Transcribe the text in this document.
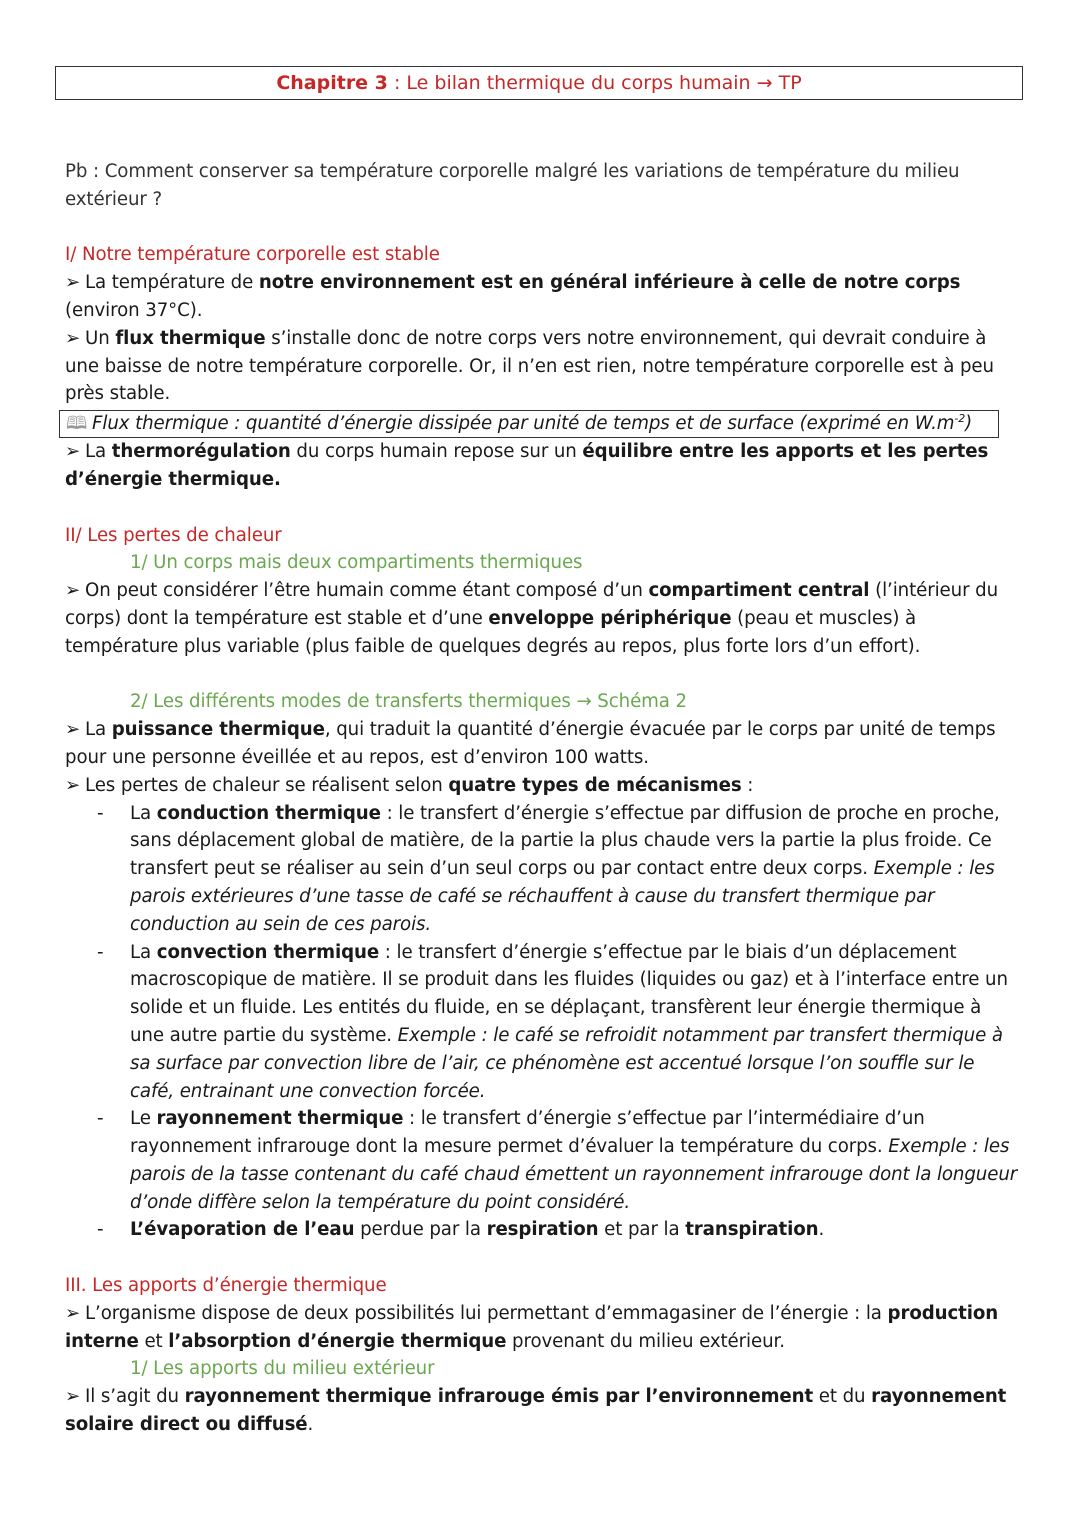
Chapitre 3 : Le bilan thermique du corps humain → TP

Pb : Comment conserver sa température corporelle malgré les variations de température du milieu extérieur ?

I/ Notre température corporelle est stable

➢ La température de notre environnement est en général inférieure à celle de notre corps (environ 37°C).

➢ Un flux thermique s’installe donc de notre corps vers notre environnement, qui devrait conduire à une baisse de notre température corporelle. Or, il n’en est rien, notre température corporelle est à peu près stable.

🕮 Flux thermique : quantité d’énergie dissipée par unité de temps et de surface (exprimé en $W.m^{-2}$)

➢ La thermorégulation du corps humain repose sur un équilibre entre les apports et les pertes d’énergie thermique.

II/ Les pertes de chaleur

1/ Un corps mais deux compartiments thermiques

➢ On peut considérer l’être humain comme étant composé d’un compartiment central (l’intérieur du corps) dont la température est stable et d’une enveloppe périphérique (peau et muscles) à température plus variable (plus faible de quelques degrés au repos, plus forte lors d’un effort).

2/ Les différents modes de transferts thermiques → Schéma 2

➢ La puissance thermique, qui traduit la quantité d’énergie évacuée par le corps par unité de temps pour une personne éveillée et au repos, est d’environ 100 watts.

➢ Les pertes de chaleur se réalisent selon quatre types de mécanismes :

- La conduction thermique : le transfert d’énergie s’effectue par diffusion de proche en proche, sans déplacement global de matière, de la partie la plus chaude vers la partie la plus froide. Ce transfert peut se réaliser au sein d’un seul corps ou par contact entre deux corps. Exemple : les parois extérieures d’une tasse de café se réchauffent à cause du transfert thermique par conduction au sein de ces parois.
- La convection thermique : le transfert d’énergie s’effectue par le biais d’un déplacement macroscopique de matière. Il se produit dans les fluides (liquides ou gaz) et à l’interface entre un solide et un fluide. Les entités du fluide, en se déplaçant, transfèrent leur énergie thermique à une autre partie du système. Exemple : le café se refroidit notamment par transfert thermique à sa surface par convection libre de l’air, ce phénomène est accentué lorsque l’on souffle sur le café, entrainant une convection forcée.
- Le rayonnement thermique : le transfert d’énergie s’effectue par l’intermédiaire d’un rayonnement infrarouge dont la mesure permet d’évaluer la température du corps. Exemple : les parois de la tasse contenant du café chaud émettent un rayonnement infrarouge dont la longueur d’onde diffère selon la température du point considéré.
- L’évaporation de l’eau perdue par la respiration et par la transpiration.

III. Les apports d’énergie thermique

➢ L’organisme dispose de deux possibilités lui permettant d’emmagasiner de l’énergie : la production interne et l’absorption d’énergie thermique provenant du milieu extérieur.

1/ Les apports du milieu extérieur

➢ Il s’agit du rayonnement thermique infrarouge émis par l’environnement et du rayonnement solaire direct ou diffusé.
